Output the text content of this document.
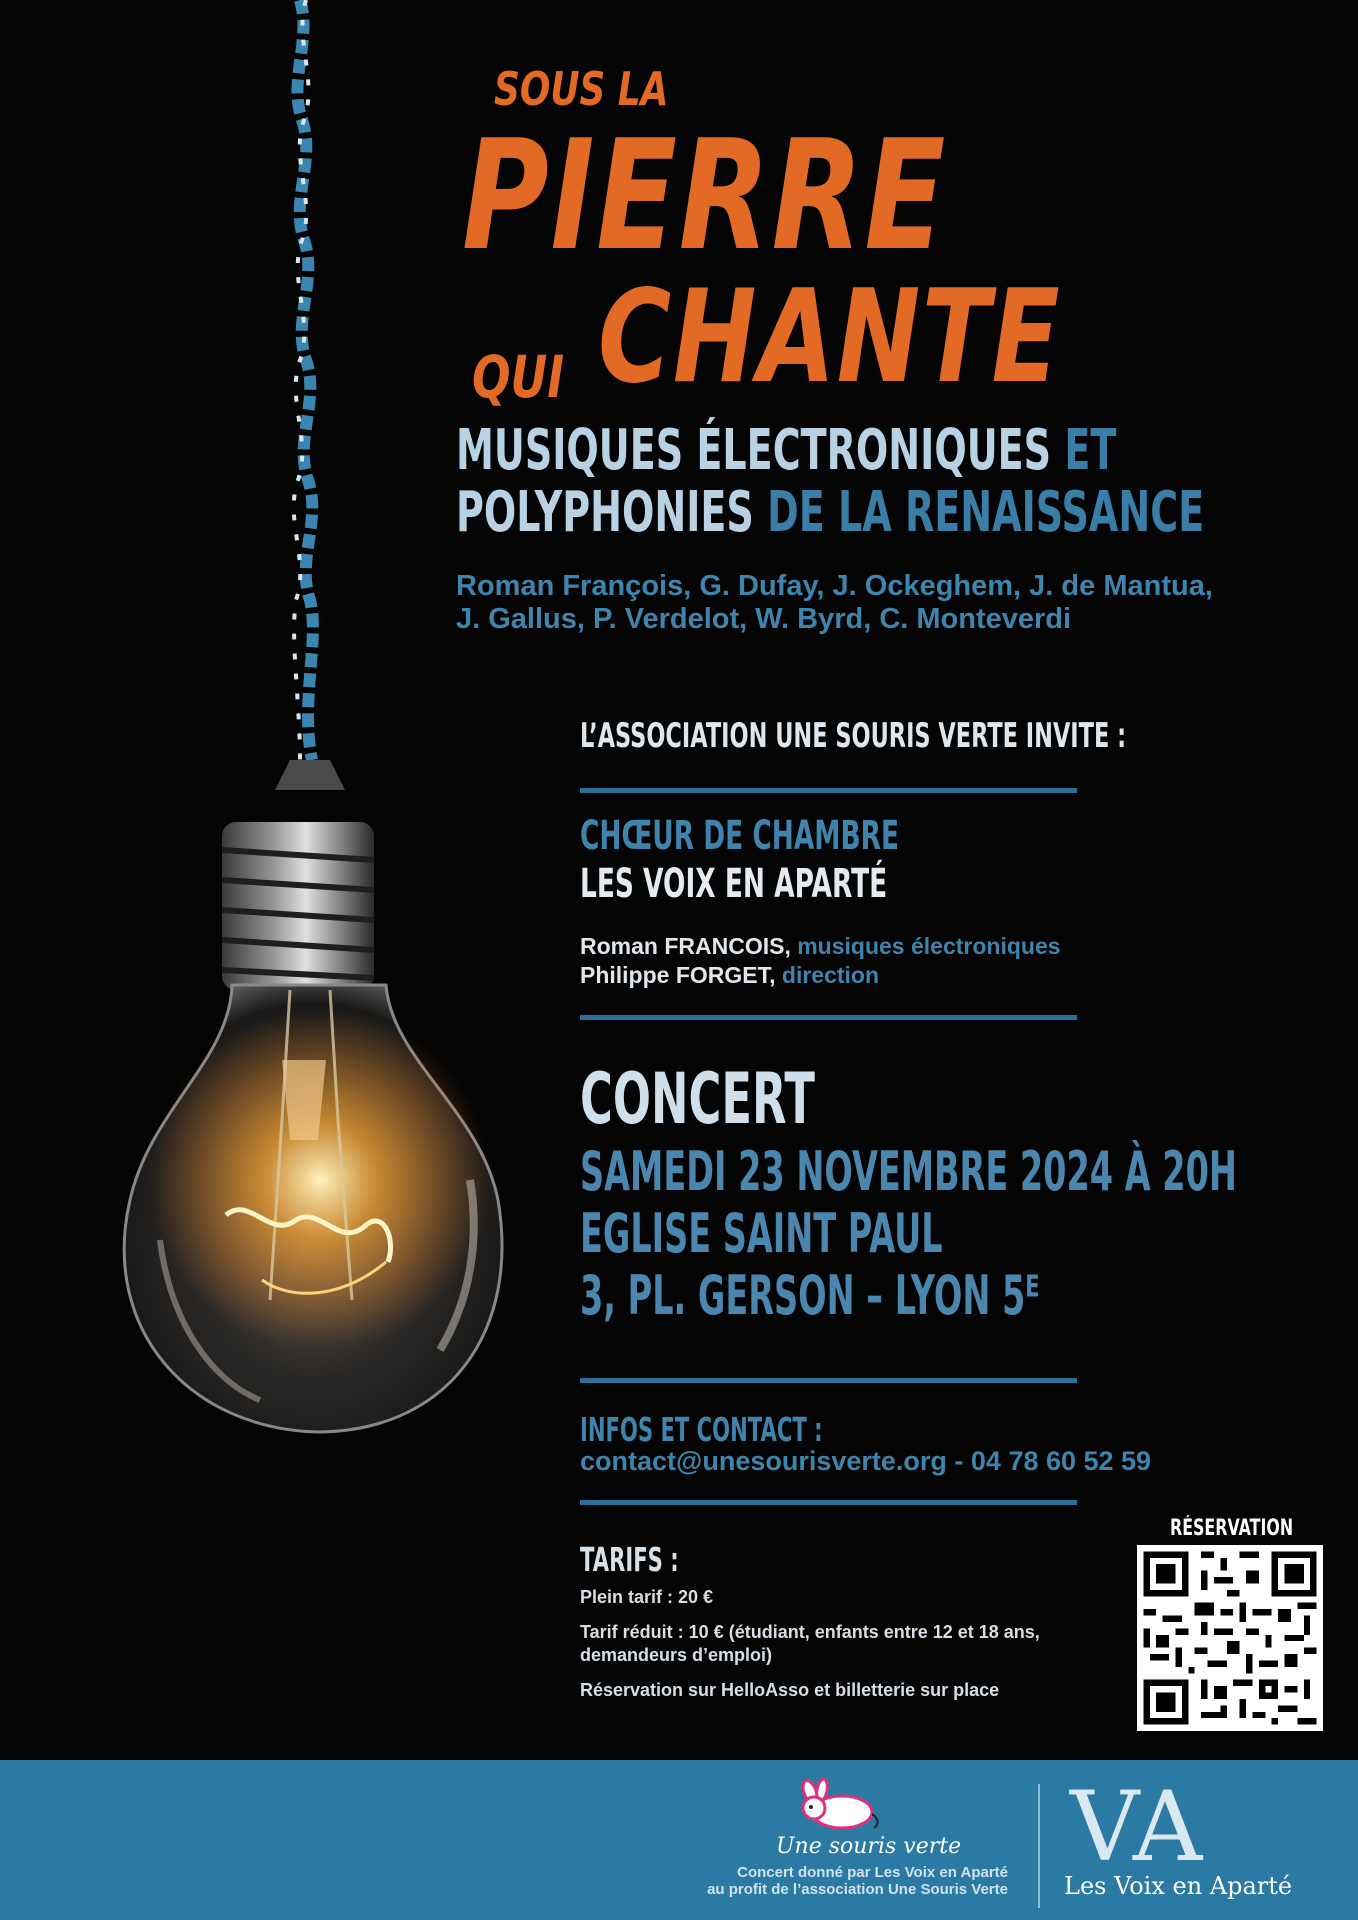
SOUS LA
PIERRE
QUI CHANTE
MUSIQUES ÉLECTRONIQUES ET
POLYPHONIES DE LA RENAISSANCE
Roman François, G. Dufay, J. Ockeghem, J. de Mantua,
J. Gallus, P. Verdelot, W. Byrd, C. Monteverdi
L’ASSOCIATION UNE SOURIS VERTE INVITE :
CHŒUR DE CHAMBRE
LES VOIX EN APARTÉ
Roman FRANCOIS, musiques électroniques
Philippe FORGET, direction
CONCERT
SAMEDI 23 NOVEMBRE 2024 À 20H
EGLISE SAINT PAUL
3, PL. GERSON – LYON 5ᴱ
INFOS ET CONTACT :
contact@unesourisverte.org - 04 78 60 52 59
TARIFS :
Plein tarif : 20 €
Tarif réduit : 10 € (étudiant, enfants entre 12 et 18 ans,
demandeurs d’emploi)
Réservation sur HelloAsso et billetterie sur place
RÉSERVATION
Une souris verte
Concert donné par Les Voix en Aparté
au profit de l’association Une Souris Verte
VA
Les Voix en Aparté
